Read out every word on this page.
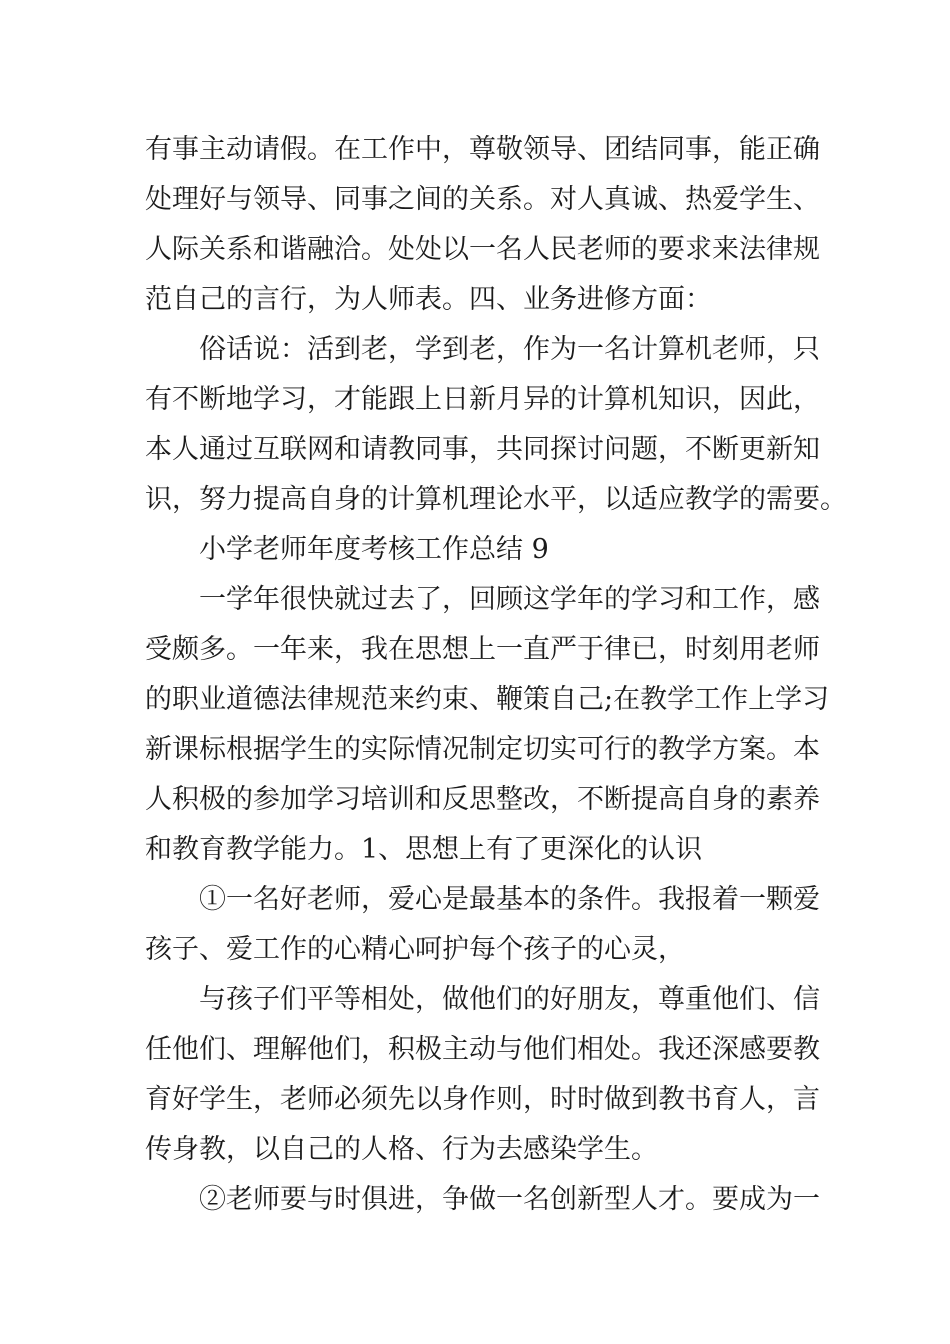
有事主动请假。在工作中，尊敬领导、团结同事，能正确
处理好与领导、同事之间的关系。对人真诚、热爱学生、
人际关系和谐融洽。处处以一名人民老师的要求来法律规
范自己的言行，为人师表。四、业务进修方面：
俗话说：活到老，学到老，作为一名计算机老师，只
有不断地学习，才能跟上日新月异的计算机知识，因此，
本人通过互联网和请教同事，共同探讨问题，不断更新知
识，努力提高自身的计算机理论水平，以适应教学的需要。
小学老师年度考核工作总结 9
一学年很快就过去了，回顾这学年的学习和工作，感
受颇多。一年来，我在思想上一直严于律已，时刻用老师
的职业道德法律规范来约束、鞭策自己;在教学工作上学习
新课标根据学生的实际情况制定切实可行的教学方案。本
人积极的参加学习培训和反思整改，不断提高自身的素养
和教育教学能力。1、思想上有了更深化的认识
①一名好老师，爱心是最基本的条件。我报着一颗爱
孩子、爱工作的心精心呵护每个孩子的心灵，
与孩子们平等相处，做他们的好朋友，尊重他们、信
任他们、理解他们，积极主动与他们相处。我还深感要教
育好学生，老师必须先以身作则，时时做到教书育人，言
传身教，以自己的人格、行为去感染学生。
②老师要与时俱进，争做一名创新型人才。要成为一
